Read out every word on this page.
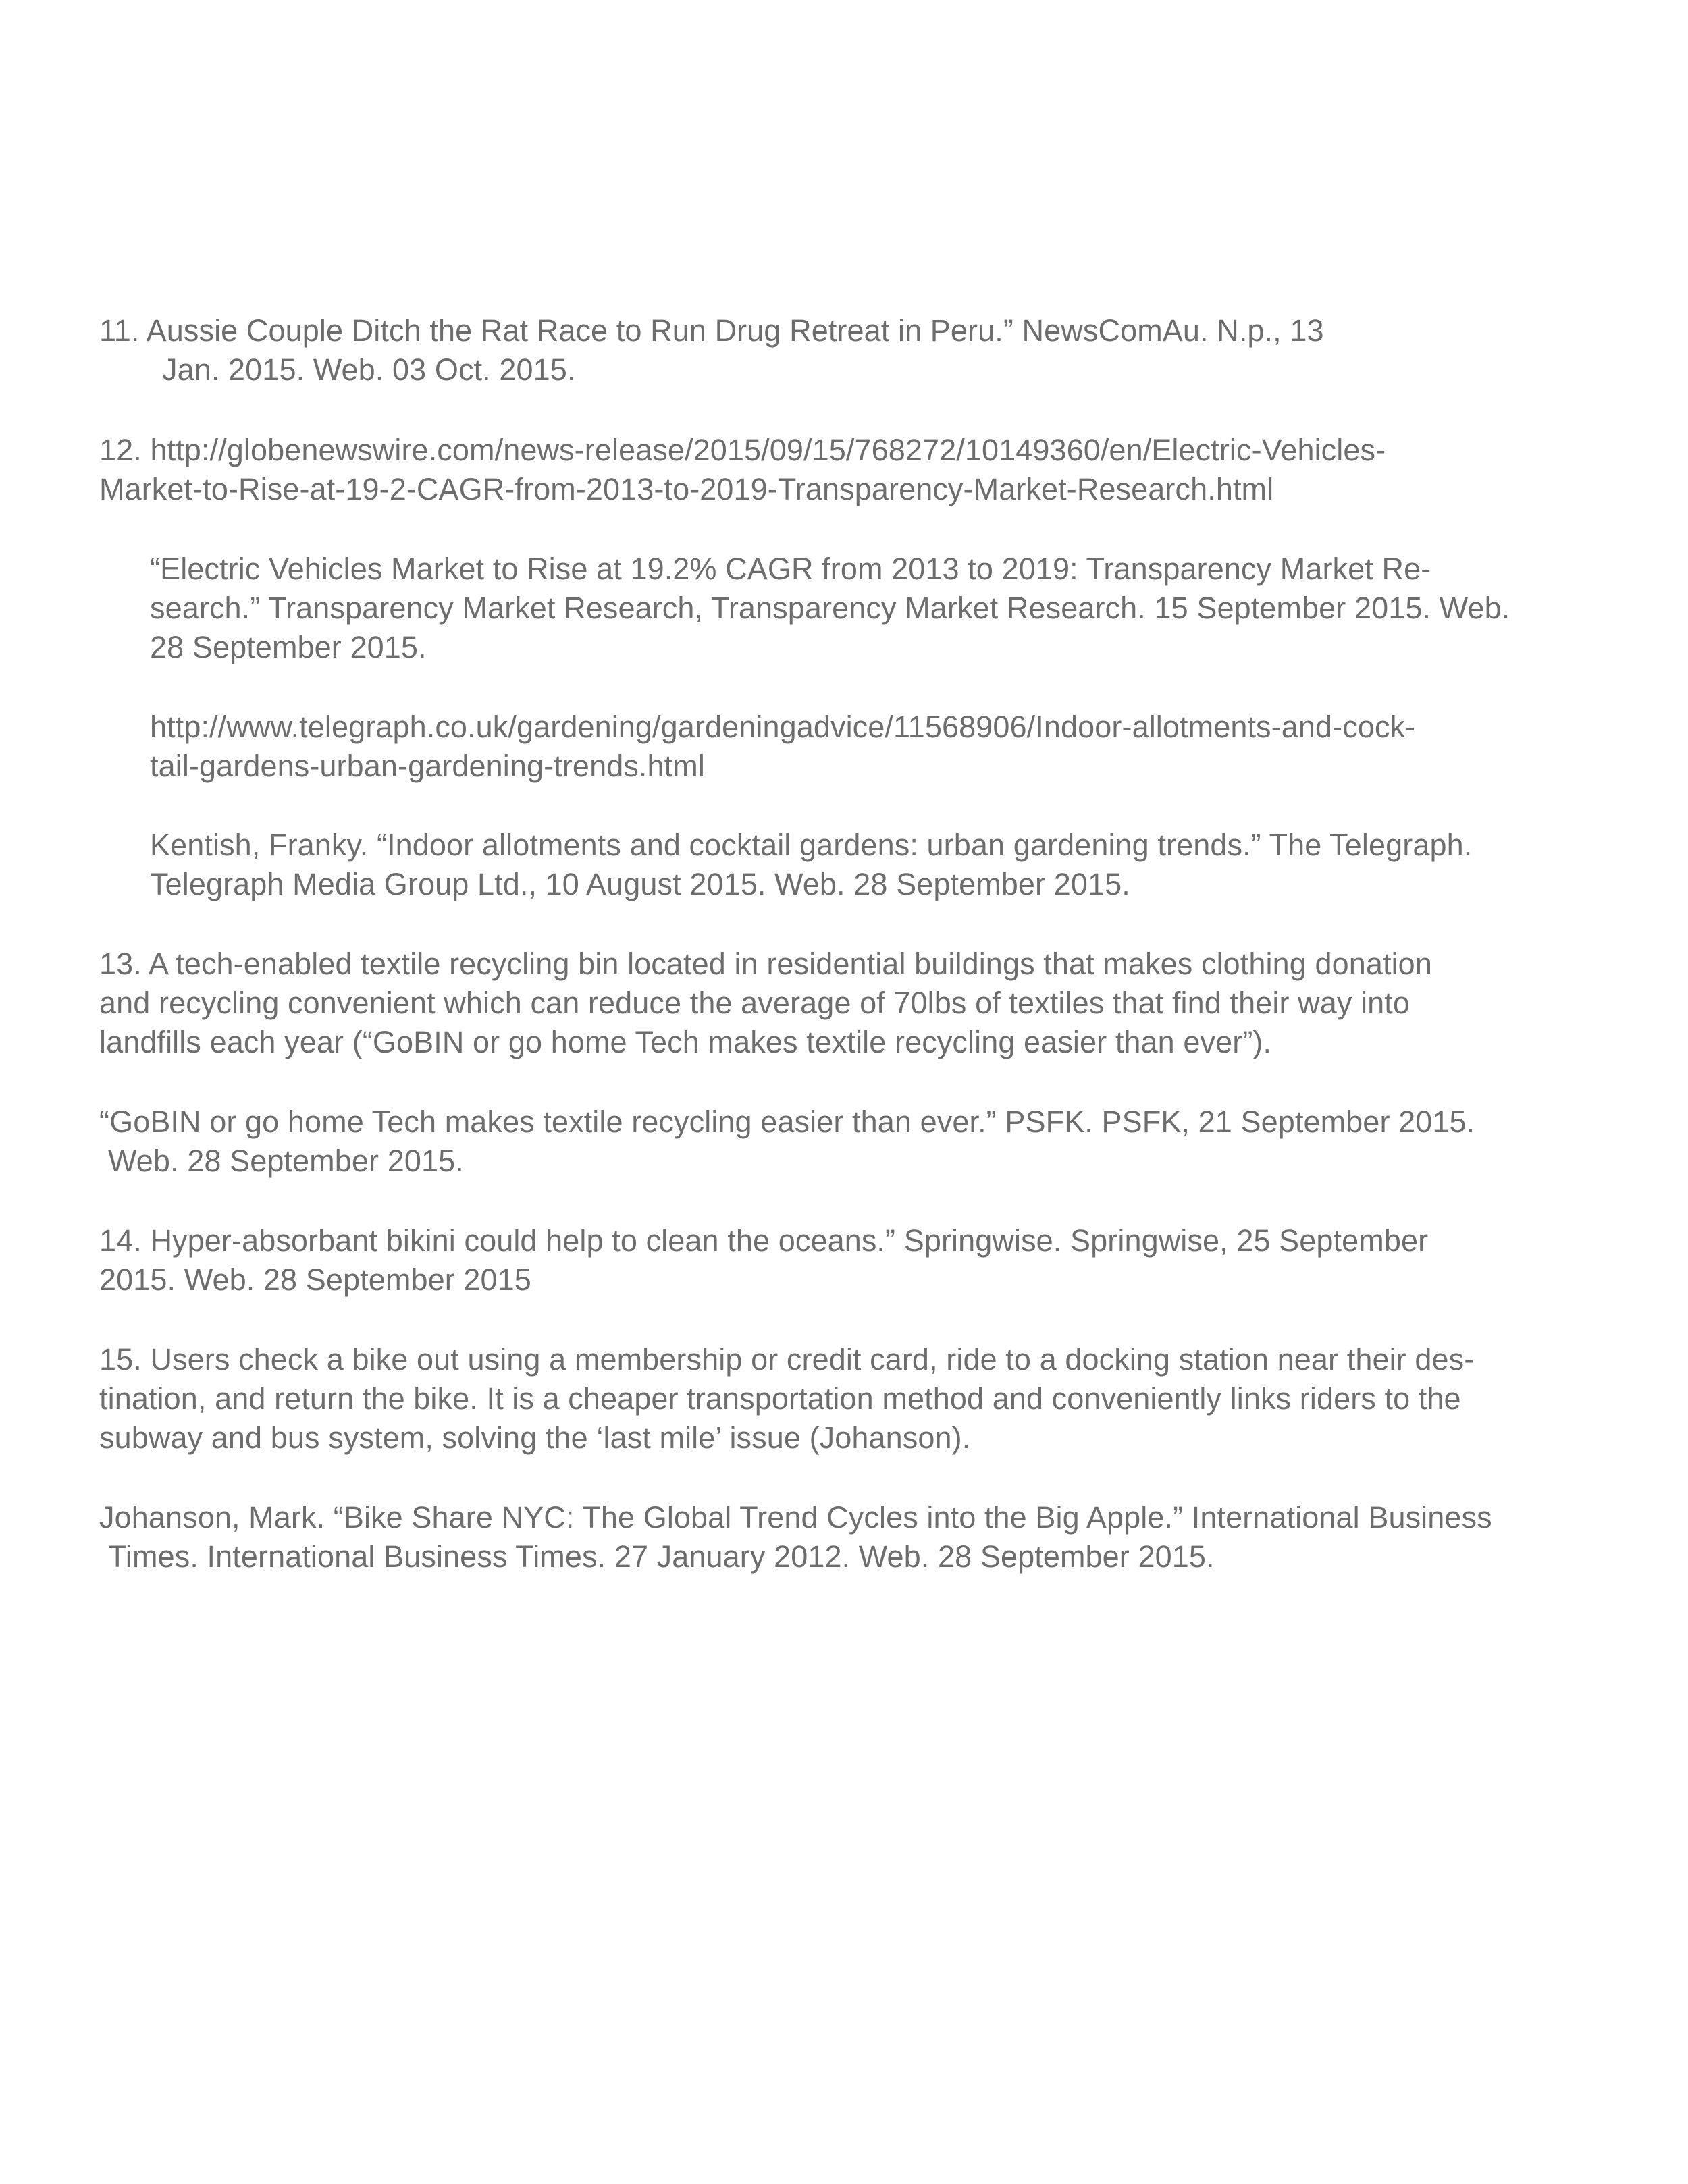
11. Aussie Couple Ditch the Rat Race to Run Drug Retreat in Peru.” NewsComAu. N.p., 13
Jan. 2015. Web. 03 Oct. 2015.
12. http://globenewswire.com/news-release/2015/09/15/768272/10149360/en/Electric-Vehicles-
Market-to-Rise-at-19-2-CAGR-from-2013-to-2019-Transparency-Market-Research.html
“Electric Vehicles Market to Rise at 19.2% CAGR from 2013 to 2019: Transparency Market Re-
search.” Transparency Market Research, Transparency Market Research. 15 September 2015. Web.
28 September 2015.
http://www.telegraph.co.uk/gardening/gardeningadvice/11568906/Indoor-allotments-and-cock-
tail-gardens-urban-gardening-trends.html
Kentish, Franky. “Indoor allotments and cocktail gardens: urban gardening trends.” The Telegraph.
Telegraph Media Group Ltd., 10 August 2015. Web. 28 September 2015.
13. A tech-enabled textile recycling bin located in residential buildings that makes clothing donation
and recycling convenient which can reduce the average of 70lbs of textiles that find their way into
landfills each year (“GoBIN or go home Tech makes textile recycling easier than ever”).
“GoBIN or go home Tech makes textile recycling easier than ever.” PSFK. PSFK, 21 September 2015.
Web. 28 September 2015.
14. Hyper-absorbant bikini could help to clean the oceans.” Springwise. Springwise, 25 September
2015. Web. 28 September 2015
15. Users check a bike out using a membership or credit card, ride to a docking station near their des-
tination, and return the bike. It is a cheaper transportation method and conveniently links riders to the
subway and bus system, solving the ‘last mile’ issue (Johanson).
Johanson, Mark. “Bike Share NYC: The Global Trend Cycles into the Big Apple.” International Business
Times. International Business Times. 27 January 2012. Web. 28 September 2015.
